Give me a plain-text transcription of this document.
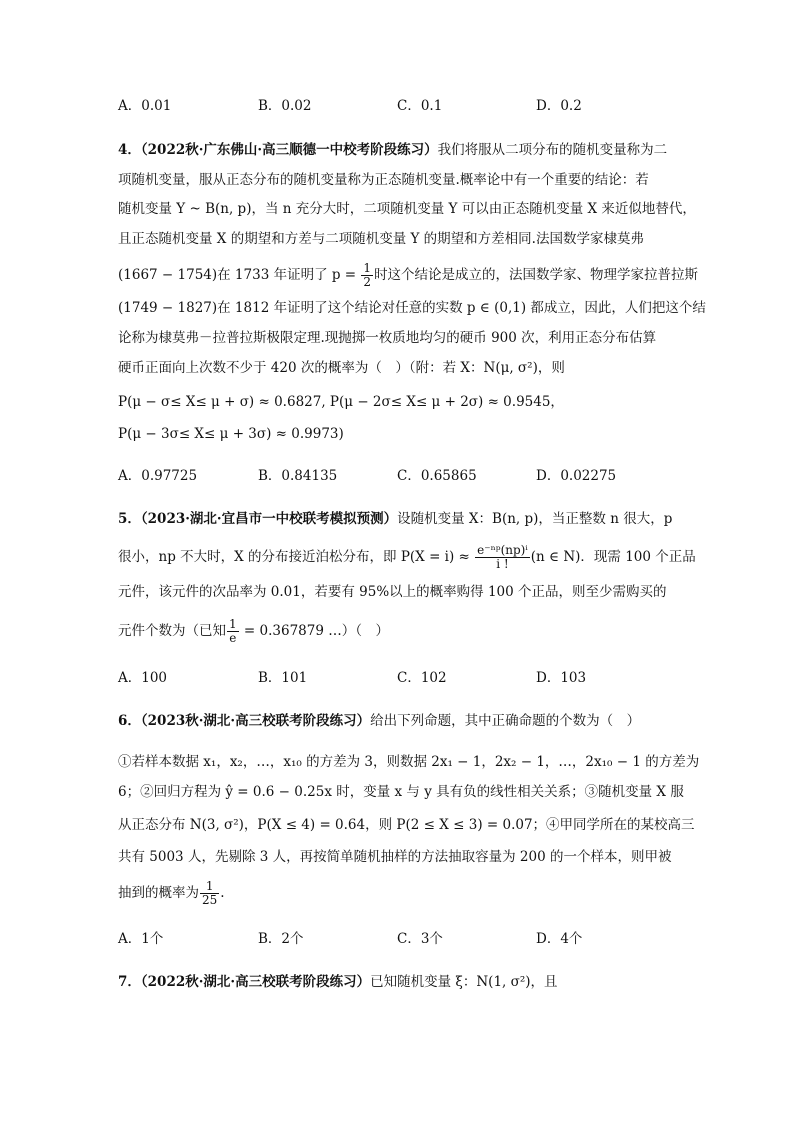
A．0.01	B．0.02	C．0.1	D．0.2
4．（2022秋·广东佛山·高三顺德一中校考阶段练习）我们将服从二项分布的随机变量称为二
项随机变量，服从正态分布的随机变量称为正态随机变量.概率论中有一个重要的结论：若
随机变量 Y ~ B(n, p)，当 n 充分大时，二项随机变量 Y 可以由正态随机变量 X 来近似地替代，
且正态随机变量 X 的期望和方差与二项随机变量 Y 的期望和方差相同.法国数学家棣莫弗
(1667 − 1754)在 1733 年证明了 $p = \frac{1}{2}$ 时这个结论是成立的，法国数学家、物理学家拉普拉斯
(1749 − 1827)在 1812 年证明了这个结论对任意的实数 p ∈ (0,1) 都成立，因此，人们把这个结
论称为棣莫弗－拉普拉斯极限定理.现抛掷一枚质地均匀的硬币 900 次，利用正态分布估算
硬币正面向上次数不少于 420 次的概率为（　）（附：若 X：N(μ, σ²)，则
P(μ − σ≤ X≤ μ + σ) ≈ 0.6827, P(μ − 2σ≤ X≤ μ + 2σ) ≈ 0.9545，
P(μ − 3σ≤ X≤ μ + 3σ) ≈ 0.9973)
A．0.97725	B．0.84135	C．0.65865	D．0.02275
5．（2023·湖北·宜昌市一中校联考模拟预测）设随机变量 X：B(n, p)，当正整数 n 很大，p
很小，np 不大时，X 的分布接近泊松分布，即 $P(X = i) \approx \frac{\text{e⁻ⁿᵖ(np)ⁱ}}{i !} (n$ ∈ N)．现需 100 个正品
元件，该元件的次品率为 0.01，若要有 95%以上的概率购得 100 个正品，则至少需购买的
元件个数为（已知 $\frac{1}{e} = 0.367879$ …）（　）
A．100	B．101	C．102	D．103
6．（2023秋·湖北·高三校联考阶段练习）给出下列命题，其中正确命题的个数为（　）
①若样本数据 x₁，x₂，…，x₁₀ 的方差为 3，则数据 2x₁ − 1，2x₂ − 1，…，2x₁₀ − 1 的方差为
6；②回归方程为 ŷ = 0.6 − 0.25x 时，变量 x 与 y 具有负的线性相关关系；③随机变量 X 服
从正态分布 N(3, σ²)，P(X ≤ 4) = 0.64，则 P(2 ≤ X ≤ 3) = 0.07；④甲同学所在的某校高三
共有 5003 人，先剔除 3 人，再按简单随机抽样的方法抽取容量为 200 的一个样本，则甲被
抽到的概率为 $\frac{1}{25}$ .
A．1个	B．2个	C．3个	D．4个
7．（2022秋·湖北·高三校联考阶段练习）已知随机变量 ξ：N(1, σ²)，且
